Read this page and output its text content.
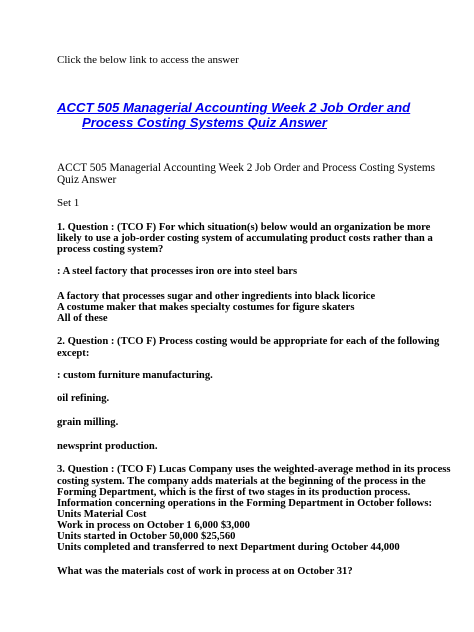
Click the below link to access the answer
ACCT 505 Managerial Accounting Week 2 Job Order and
Process Costing Systems Quiz Answer
ACCT 505 Managerial Accounting Week 2 Job Order and Process Costing Systems
Quiz Answer
Set 1
1. Question : (TCO F) For which situation(s) below would an organization be more
likely to use a job-order costing system of accumulating product costs rather than a
process costing system?
: A steel factory that processes iron ore into steel bars
A factory that processes sugar and other ingredients into black licorice
A costume maker that makes specialty costumes for figure skaters
All of these
2. Question : (TCO F) Process costing would be appropriate for each of the following
except:
: custom furniture manufacturing.
oil refining.
grain milling.
newsprint production.
3. Question : (TCO F) Lucas Company uses the weighted-average method in its process
costing system. The company adds materials at the beginning of the process in the
Forming Department, which is the first of two stages in its production process.
Information concerning operations in the Forming Department in October follows:
Units Material Cost
Work in process on October 1 6,000 $3,000
Units started in October 50,000 $25,560
Units completed and transferred to next Department during October 44,000
What was the materials cost of work in process at on October 31?
